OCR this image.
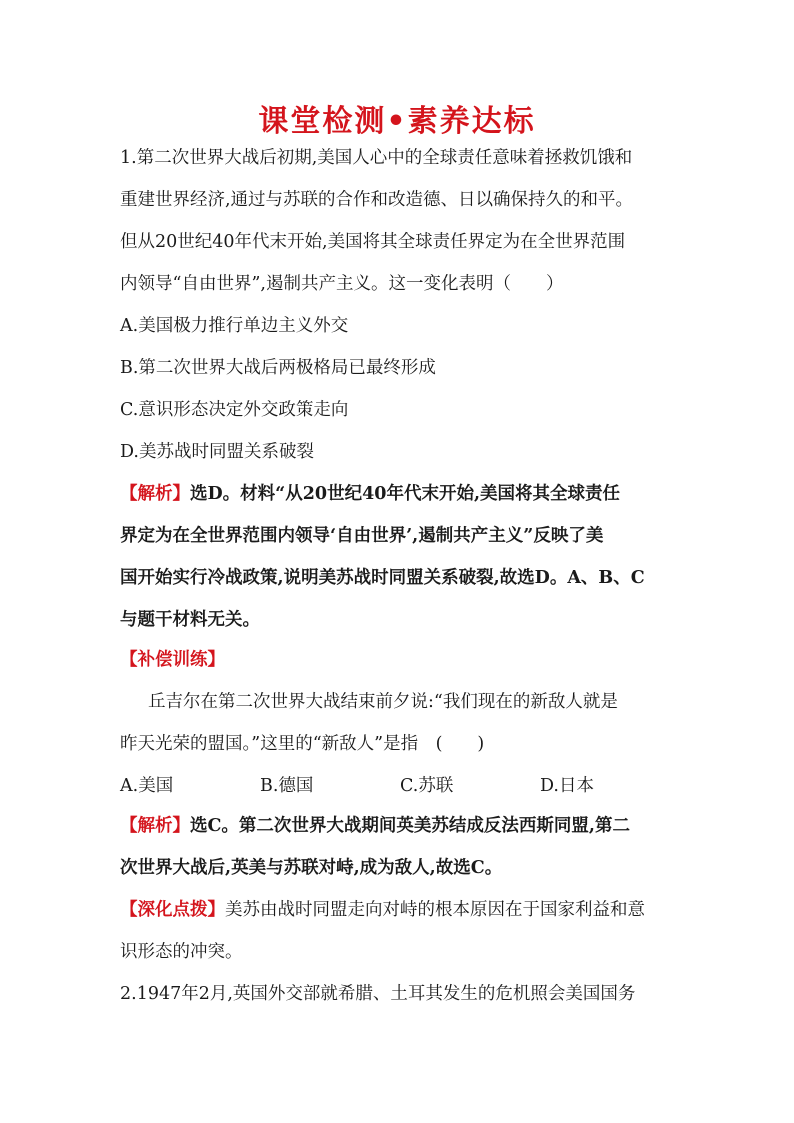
课堂检测•素养达标
1.第二次世界大战后初期,美国人心中的全球责任意味着拯救饥饿和
重建世界经济,通过与苏联的合作和改造德、日以确保持久的和平。
但从20世纪40年代末开始,美国将其全球责任界定为在全世界范围
内领导“自由世界”,遏制共产主义。这一变化表明（　　）
A.美国极力推行单边主义外交
B.第二次世界大战后两极格局已最终形成
C.意识形态决定外交政策走向
D.美苏战时同盟关系破裂
【解析】选D。材料“从20世纪40年代末开始,美国将其全球责任
界定为在全世界范围内领导‘自由世界’,遏制共产主义”反映了美
国开始实行冷战政策,说明美苏战时同盟关系破裂,故选D。A、B、C
与题干材料无关。
【补偿训练】
丘吉尔在第二次世界大战结束前夕说:“我们现在的新敌人就是
昨天光荣的盟国。”这里的“新敌人”是指　(　　)
A.美国	B.德国	C.苏联	D.日本
【解析】选C。第二次世界大战期间英美苏结成反法西斯同盟,第二
次世界大战后,英美与苏联对峙,成为敌人,故选C。
【深化点拨】美苏由战时同盟走向对峙的根本原因在于国家利益和意
识形态的冲突。
2.1947年2月,英国外交部就希腊、土耳其发生的危机照会美国国务
